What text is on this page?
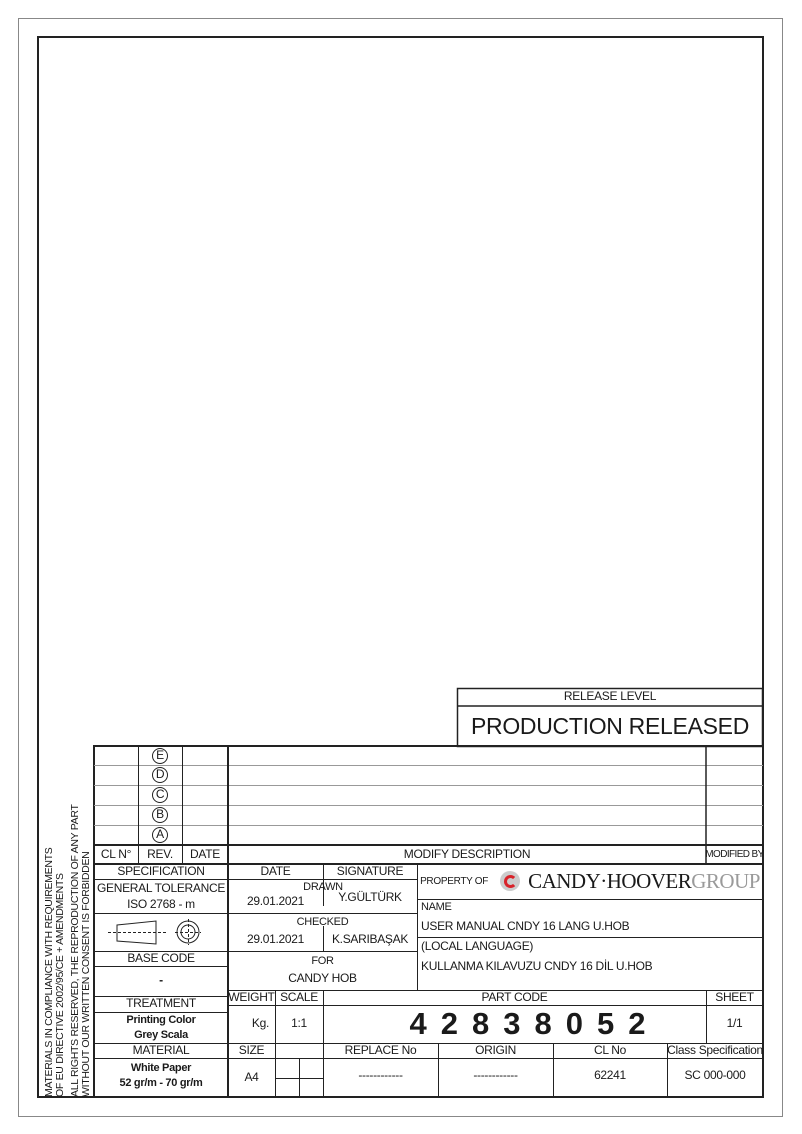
RELEASE LEVEL
PRODUCTION RELEASED
E
D
C
B
A
CL N°	REV.	DATE	MODIFY DESCRIPTION	MODIFIED BY
SPECIFICATION
GENERAL TOLERANCE
ISO 2768 - m
BASE CODE
-
TREATMENT
Printing Color
Grey Scala
MATERIAL
White Paper
52 gr/m - 70 gr/m
DATE	SIGNATURE
DRAWN
29.01.2021	Y.GÜLTÜRK
CHECKED
29.01.2021	K.SARIBAŞAK
FOR
CANDY HOB
PROPERTY OF CANDY·HOOVERGROUP
NAME
USER MANUAL CNDY 16 LANG U.HOB
(LOCAL LANGUAGE)
KULLANMA KILAVUZU CNDY 16 DİL U.HOB
WEIGHT SCALE	PART CODE	SHEET
Kg.	1:1	42838052	1/1
SIZE	REPLACE No	ORIGIN	CL No	Class Specification
A4	------------	------------	62241	SC 000-000
MATERIALS IN COMPLIANCE WITH REQUIREMENTS OF EU DIRECTIVE 2002/95/CE + AMENDMENTS ALL RIGHTS RESERVED, THE REPRODUCTION OF ANY PART WITHOUT OUR WRITTEN CONSENT IS FORBIDDEN
